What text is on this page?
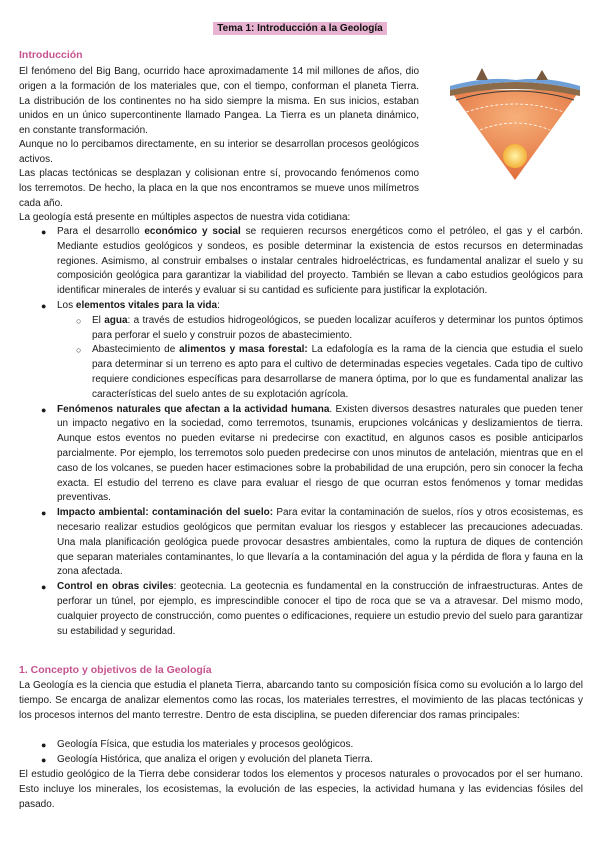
Tema 1: Introducción a la Geología
Introducción

El fenómeno del Big Bang, ocurrido hace aproximadamente 14 mil millones de años, dio origen a la formación de los materiales que, con el tiempo, conforman el planeta Tierra. La distribución de los continentes no ha sido siempre la misma. En sus inicios, estaban unidos en un único supercontinente llamado Pangea. La Tierra es un planeta dinámico, en constante transformación.

Aunque no lo percibamos directamente, en su interior se desarrollan procesos geológicos activos.

Las placas tectónicas se desplazan y colisionan entre sí, provocando fenómenos como los terremotos. De hecho, la placa en la que nos encontramos se mueve unos milímetros cada año.

La geología está presente en múltiples aspectos de nuestra vida cotidiana:

·
● Para el desarrollo económico y social se requieren recursos energéticos como el petróleo, el gas y el carbón. Mediante estudios geológicos y sondeos, es posible determinar la existencia de estos recursos en determinadas regiones. Asimismo, al construir embalses o instalar centrales hidroeléctricas, es fundamental analizar el suelo y su composición geológica para garantizar la viabilidad del proyecto. También se llevan a cabo estudios geológicos para identificar minerales de interés y evaluar si su cantidad es suficiente para justificar la explotación.
● Los elementos vitales para la vida:
○ El agua: a través de estudios hidrogeológicos, se pueden localizar acuíferos y determinar los puntos óptimos para perforar el suelo y construir pozos de abastecimiento.
○ Abastecimiento de alimentos y masa forestal: La edafología es la rama de la ciencia que estudia el suelo para determinar si un terreno es apto para el cultivo de determinadas especies vegetales. Cada tipo de cultivo requiere condiciones específicas para desarrollarse de manera óptima, por lo que es fundamental analizar las características del suelo antes de su explotación agrícola.
● Fenómenos naturales que afectan a la actividad humana. Existen diversos desastres naturales que pueden tener un impacto negativo en la sociedad, como terremotos, tsunamis, erupciones volcánicas y deslizamientos de tierra. Aunque estos eventos no pueden evitarse ni predecirse con exactitud, en algunos casos es posible anticiparlos parcialmente. Por ejemplo, los terremotos solo pueden predecirse con unos minutos de antelación, mientras que en el caso de los volcanes, se pueden hacer estimaciones sobre la probabilidad de una erupción, pero sin conocer la fecha exacta. El estudio del terreno es clave para evaluar el riesgo de que ocurran estos fenómenos y tomar medidas preventivas.
● Impacto ambiental: contaminación del suelo: Para evitar la contaminación de suelos, ríos y otros ecosistemas, es necesario realizar estudios geológicos que permitan evaluar los riesgos y establecer las precauciones adecuadas. Una mala planificación geológica puede provocar desastres ambientales, como la ruptura de diques de contención que separan materiales contaminantes, lo que llevaría a la contaminación del agua y la pérdida de flora y fauna en la zona afectada.
● Control en obras civiles: geotecnia. La geotecnia es fundamental en la construcción de infraestructuras. Antes de perforar un túnel, por ejemplo, es imprescindible conocer el tipo de roca que se va a atravesar. Del mismo modo, cualquier proyecto de construcción, como puentes o edificaciones, requiere un estudio previo del suelo para garantizar su estabilidad y seguridad.
1. Concepto y objetivos de la Geología

La Geología es la ciencia que estudia el planeta Tierra, abarcando tanto su composición física como su evolución a lo largo del tiempo. Se encarga de analizar elementos como las rocas, los materiales terrestres, el movimiento de las placas tectónicas y los procesos internos del manto terrestre. Dentro de esta disciplina, se pueden diferenciar dos ramas principales:

● Geología Física, que estudia los materiales y procesos geológicos.
● Geología Histórica, que analiza el origen y evolución del planeta Tierra.

El estudio geológico de la Tierra debe considerar todos los elementos y procesos naturales o provocados por el ser humano. Esto incluye los minerales, los ecosistemas, la evolución de las especies, la actividad humana y las evidencias fósiles del pasado.
